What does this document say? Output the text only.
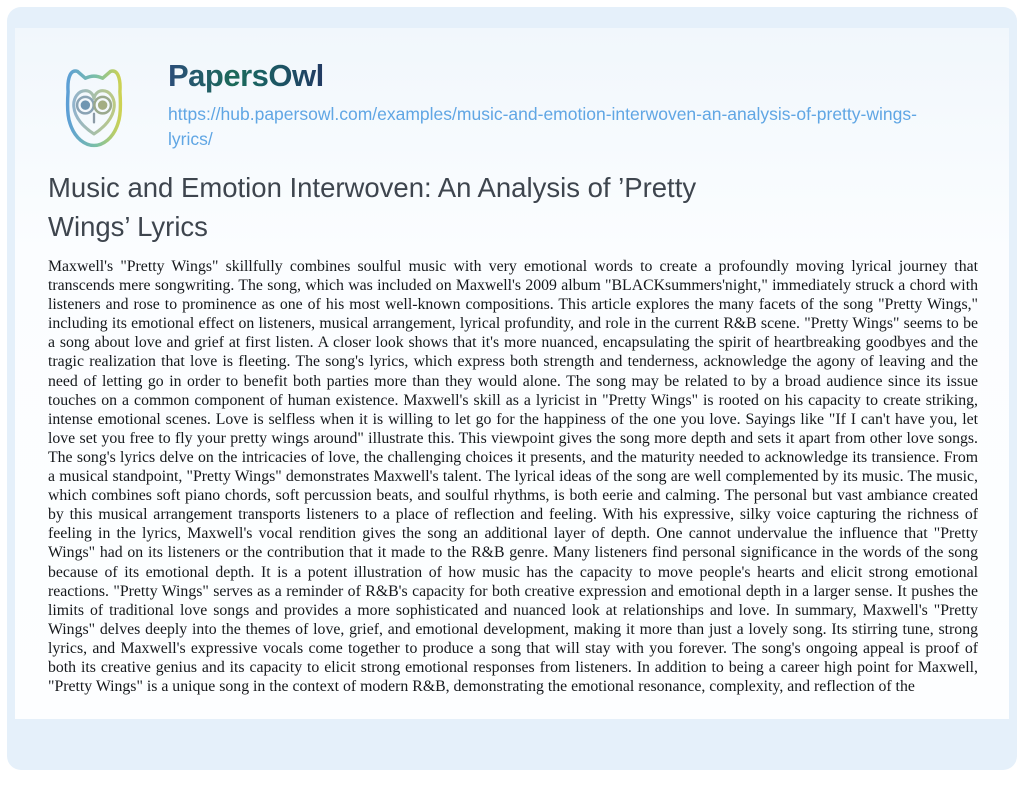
PapersOwl
https://hub.papersowl.com/examples/music-and-emotion-interwoven-an-analysis-of-pretty-wings-lyrics/
Music and Emotion Interwoven: An Analysis of ’Pretty Wings’ Lyrics

Maxwell's "Pretty Wings" skillfully combines soulful music with very emotional words to create a profoundly moving lyrical journey that transcends mere songwriting. The song, which was included on Maxwell's 2009 album "BLACKsummers'night," immediately struck a chord with listeners and rose to prominence as one of his most well-known compositions. This article explores the many facets of the song "Pretty Wings," including its emotional effect on listeners, musical arrangement, lyrical profundity, and role in the current R&B scene. "Pretty Wings" seems to be a song about love and grief at first listen. A closer look shows that it's more nuanced, encapsulating the spirit of heartbreaking goodbyes and the tragic realization that love is fleeting. The song's lyrics, which express both strength and tenderness, acknowledge the agony of leaving and the need of letting go in order to benefit both parties more than they would alone. The song may be related to by a broad audience since its issue touches on a common component of human existence. Maxwell's skill as a lyricist in "Pretty Wings" is rooted on his capacity to create striking, intense emotional scenes. Love is selfless when it is willing to let go for the happiness of the one you love. Sayings like "If I can't have you, let love set you free to fly your pretty wings around" illustrate this. This viewpoint gives the song more depth and sets it apart from other love songs. The song's lyrics delve on the intricacies of love, the challenging choices it presents, and the maturity needed to acknowledge its transience. From a musical standpoint, "Pretty Wings" demonstrates Maxwell's talent. The lyrical ideas of the song are well complemented by its music. The music, which combines soft piano chords, soft percussion beats, and soulful rhythms, is both eerie and calming. The personal but vast ambiance created by this musical arrangement transports listeners to a place of reflection and feeling. With his expressive, silky voice capturing the richness of feeling in the lyrics, Maxwell's vocal rendition gives the song an additional layer of depth. One cannot undervalue the influence that "Pretty Wings" had on its listeners or the contribution that it made to the R&B genre. Many listeners find personal significance in the words of the song because of its emotional depth. It is a potent illustration of how music has the capacity to move people's hearts and elicit strong emotional reactions. "Pretty Wings" serves as a reminder of R&B's capacity for both creative expression and emotional depth in a larger sense. It pushes the limits of traditional love songs and provides a more sophisticated and nuanced look at relationships and love. In summary, Maxwell's "Pretty Wings" delves deeply into the themes of love, grief, and emotional development, making it more than just a lovely song. Its stirring tune, strong lyrics, and Maxwell's expressive vocals come together to produce a song that will stay with you forever. The song's ongoing appeal is proof of both its creative genius and its capacity to elicit strong emotional responses from listeners. In addition to being a career high point for Maxwell, "Pretty Wings" is a unique song in the context of modern R&B, demonstrating the emotional resonance, complexity, and reflection of the
